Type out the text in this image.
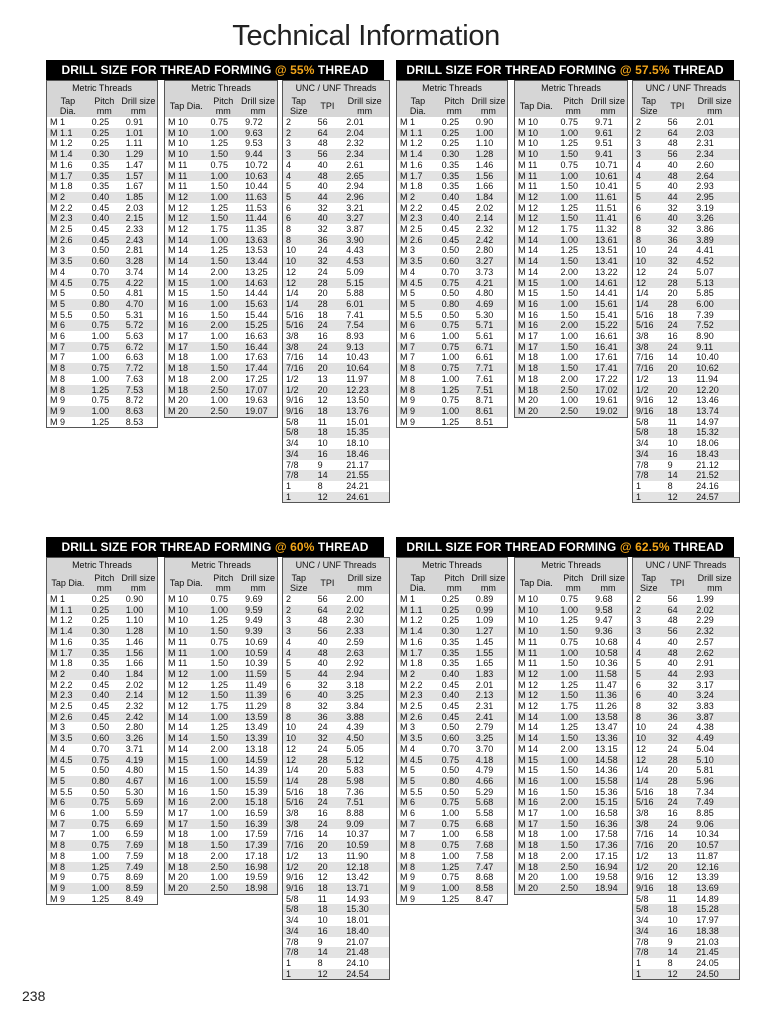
Technical Information
DRILL SIZE FOR THREAD FORMING @ 55% THREAD
Metric Threads		
Tap
Dia.	Pitch
mm	Drill size
mm
M 1	0.25	0.91
M 1.1	0.25	1.01
M 1.2	0.25	1.11
M 1.4	0.30	1.29
M 1.6	0.35	1.47
M 1.7	0.35	1.57
M 1.8	0.35	1.67
M 2	0.40	1.85
M 2.2	0.45	2.03
M 2.3	0.40	2.15
M 2.5	0.45	2.33
M 2.6	0.45	2.43
M 3	0.50	2.81
M 3.5	0.60	3.28
M 4	0.70	3.74
M 4.5	0.75	4.22
M 5	0.50	4.81
M 5	0.80	4.70
M 5.5	0.50	5.31
M 6	0.75	5.72
M 6	1.00	5.63
M 7	0.75	6.72
M 7	1.00	6.63
M 8	0.75	7.72
M 8	1.00	7.63
M 8	1.25	7.53
M 9	0.75	8.72
M 9	1.00	8.63
M 9	1.25	8.53
Metric Threads		
Tap Dia.	Pitch
mm	Drill size
mm
M 10	0.75	9.72
M 10	1.00	9.63
M 10	1.25	9.53
M 10	1.50	9.44
M 11	0.75	10.72
M 11	1.00	10.63
M 11	1.50	10.44
M 12	1.00	11.63
M 12	1.25	11.53
M 12	1.50	11.44
M 12	1.75	11.35
M 14	1.00	13.63
M 14	1.25	13.53
M 14	1.50	13.44
M 14	2.00	13.25
M 15	1.00	14.63
M 15	1.50	14.44
M 16	1.00	15.63
M 16	1.50	15.44
M 16	2.00	15.25
M 17	1.00	16.63
M 17	1.50	16.44
M 18	1.00	17.63
M 18	1.50	17.44
M 18	2.00	17.25
M 18	2.50	17.07
M 20	1.00	19.63
M 20	2.50	19.07
UNC / UNF Threads		
Tap
Size	TPI	Drill size
mm
2	56	2.01
2	64	2.04
3	48	2.32
3	56	2.34
4	40	2.61
4	48	2.65
5	40	2.94
5	44	2.96
6	32	3.21
6	40	3.27
8	32	3.87
8	36	3.90
10	24	4.43
10	32	4.53
12	24	5.09
12	28	5.15
1/4	20	5.88
1/4	28	6.01
5/16	18	7.41
5/16	24	7.54
3/8	16	8.93
3/8	24	9.13
7/16	14	10.43
7/16	20	10.64
1/2	13	11.97
1/2	20	12.23
9/16	12	13.50
9/16	18	13.76
5/8	11	15.01
5/8	18	15.35
3/4	10	18.10
3/4	16	18.46
7/8	9	21.17
7/8	14	21.55
1	8	24.21
1	12	24.61
DRILL SIZE FOR THREAD FORMING @ 57.5% THREAD
Metric Threads		
Tap
Dia.	Pitch
mm	Drill size
mm
M 1	0.25	0.90
M 1.1	0.25	1.00
M 1.2	0.25	1.10
M 1.4	0.30	1.28
M 1.6	0.35	1.46
M 1.7	0.35	1.56
M 1.8	0.35	1.66
M 2	0.40	1.84
M 2.2	0.45	2.02
M 2.3	0.40	2.14
M 2.5	0.45	2.32
M 2.6	0.45	2.42
M 3	0.50	2.80
M 3.5	0.60	3.27
M 4	0.70	3.73
M 4.5	0.75	4.21
M 5	0.50	4.80
M 5	0.80	4.69
M 5.5	0.50	5.30
M 6	0.75	5.71
M 6	1.00	5.61
M 7	0.75	6.71
M 7	1.00	6.61
M 8	0.75	7.71
M 8	1.00	7.61
M 8	1.25	7.51
M 9	0.75	8.71
M 9	1.00	8.61
M 9	1.25	8.51
Metric Threads		
Tap Dia.	Pitch
mm	Drill size
mm
M 10	0.75	9.71
M 10	1.00	9.61
M 10	1.25	9.51
M 10	1.50	9.41
M 11	0.75	10.71
M 11	1.00	10.61
M 11	1.50	10.41
M 12	1.00	11.61
M 12	1.25	11.51
M 12	1.50	11.41
M 12	1.75	11.32
M 14	1.00	13.61
M 14	1.25	13.51
M 14	1.50	13.41
M 14	2.00	13.22
M 15	1.00	14.61
M 15	1.50	14.41
M 16	1.00	15.61
M 16	1.50	15.41
M 16	2.00	15.22
M 17	1.00	16.61
M 17	1.50	16.41
M 18	1.00	17.61
M 18	1.50	17.41
M 18	2.00	17.22
M 18	2.50	17.02
M 20	1.00	19.61
M 20	2.50	19.02
UNC / UNF Threads		
Tap
Size	TPI	Drill size
mm
2	56	2.01
2	64	2.03
3	48	2.31
3	56	2.34
4	40	2.60
4	48	2.64
5	40	2.93
5	44	2.95
6	32	3.19
6	40	3.26
8	32	3.86
8	36	3.89
10	24	4.41
10	32	4.52
12	24	5.07
12	28	5.13
1/4	20	5.85
1/4	28	6.00
5/16	18	7.39
5/16	24	7.52
3/8	16	8.90
3/8	24	9.11
7/16	14	10.40
7/16	20	10.62
1/2	13	11.94
1/2	20	12.20
9/16	12	13.46
9/16	18	13.74
5/8	11	14.97
5/8	18	15.32
3/4	10	18.06
3/4	16	18.43
7/8	9	21.12
7/8	14	21.52
1	8	24.16
1	12	24.57
DRILL SIZE FOR THREAD FORMING @ 60% THREAD
Metric Threads		
Tap Dia.	Pitch
mm	Drill size
mm
M 1	0.25	0.90
M 1.1	0.25	1.00
M 1.2	0.25	1.10
M 1.4	0.30	1.28
M 1.6	0.35	1.46
M 1.7	0.35	1.56
M 1.8	0.35	1.66
M 2	0.40	1.84
M 2.2	0.45	2.02
M 2.3	0.40	2.14
M 2.5	0.45	2.32
M 2.6	0.45	2.42
M 3	0.50	2.80
M 3.5	0.60	3.26
M 4	0.70	3.71
M 4.5	0.75	4.19
M 5	0.50	4.80
M 5	0.80	4.67
M 5.5	0.50	5.30
M 6	0.75	5.69
M 6	1.00	5.59
M 7	0.75	6.69
M 7	1.00	6.59
M 8	0.75	7.69
M 8	1.00	7.59
M 8	1.25	7.49
M 9	0.75	8.69
M 9	1.00	8.59
M 9	1.25	8.49
Metric Threads		
Tap Dia.	Pitch
mm	Drill size
mm
M 10	0.75	9.69
M 10	1.00	9.59
M 10	1.25	9.49
M 10	1.50	9.39
M 11	0.75	10.69
M 11	1.00	10.59
M 11	1.50	10.39
M 12	1.00	11.59
M 12	1.25	11.49
M 12	1.50	11.39
M 12	1.75	11.29
M 14	1.00	13.59
M 14	1.25	13.49
M 14	1.50	13.39
M 14	2.00	13.18
M 15	1.00	14.59
M 15	1.50	14.39
M 16	1.00	15.59
M 16	1.50	15.39
M 16	2.00	15.18
M 17	1.00	16.59
M 17	1.50	16.39
M 18	1.00	17.59
M 18	1.50	17.39
M 18	2.00	17.18
M 18	2.50	16.98
M 20	1.00	19.59
M 20	2.50	18.98
UNC / UNF Threads		
Tap
Size	TPI	Drill size
mm
2	56	2.00
2	64	2.02
3	48	2.30
3	56	2.33
4	40	2.59
4	48	2.63
5	40	2.92
5	44	2.94
6	32	3.18
6	40	3.25
8	32	3.84
8	36	3.88
10	24	4.39
10	32	4.50
12	24	5.05
12	28	5.12
1/4	20	5.83
1/4	28	5.98
5/16	18	7.36
5/16	24	7.51
3/8	16	8.88
3/8	24	9.09
7/16	14	10.37
7/16	20	10.59
1/2	13	11.90
1/2	20	12.18
9/16	12	13.42
9/16	18	13.71
5/8	11	14.93
5/8	18	15.30
3/4	10	18.01
3/4	16	18.40
7/8	9	21.07
7/8	14	21.48
1	8	24.10
1	12	24.54
DRILL SIZE FOR THREAD FORMING @ 62.5% THREAD
Metric Threads		
Tap
Dia.	Pitch
mm	Drill size
mm
M 1	0.25	0.89
M 1.1	0.25	0.99
M 1.2	0.25	1.09
M 1.4	0.30	1.27
M 1.6	0.35	1.45
M 1.7	0.35	1.55
M 1.8	0.35	1.65
M 2	0.40	1.83
M 2.2	0.45	2.01
M 2.3	0.40	2.13
M 2.5	0.45	2.31
M 2.6	0.45	2.41
M 3	0.50	2.79
M 3.5	0.60	3.25
M 4	0.70	3.70
M 4.5	0.75	4.18
M 5	0.50	4.79
M 5	0.80	4.66
M 5.5	0.50	5.29
M 6	0.75	5.68
M 6	1.00	5.58
M 7	0.75	6.68
M 7	1.00	6.58
M 8	0.75	7.68
M 8	1.00	7.58
M 8	1.25	7.47
M 9	0.75	8.68
M 9	1.00	8.58
M 9	1.25	8.47
Metric Threads		
Tap Dia.	Pitch
mm	Drill size
mm
M 10	0.75	9.68
M 10	1.00	9.58
M 10	1.25	9.47
M 10	1.50	9.36
M 11	0.75	10.68
M 11	1.00	10.58
M 11	1.50	10.36
M 12	1.00	11.58
M 12	1.25	11.47
M 12	1.50	11.36
M 12	1.75	11.26
M 14	1.00	13.58
M 14	1.25	13.47
M 14	1.50	13.36
M 14	2.00	13.15
M 15	1.00	14.58
M 15	1.50	14.36
M 16	1.00	15.58
M 16	1.50	15.36
M 16	2.00	15.15
M 17	1.00	16.58
M 17	1.50	16.36
M 18	1.00	17.58
M 18	1.50	17.36
M 18	2.00	17.15
M 18	2.50	16.94
M 20	1.00	19.58
M 20	2.50	18.94
UNC / UNF Threads		
Tap
Size	TPI	Drill size
mm
2	56	1.99
2	64	2.02
3	48	2.29
3	56	2.32
4	40	2.57
4	48	2.62
5	40	2.91
5	44	2.93
6	32	3.17
6	40	3.24
8	32	3.83
8	36	3.87
10	24	4.38
10	32	4.49
12	24	5.04
12	28	5.10
1/4	20	5.81
1/4	28	5.96
5/16	18	7.34
5/16	24	7.49
3/8	16	8.85
3/8	24	9.06
7/16	14	10.34
7/16	20	10.57
1/2	13	11.87
1/2	20	12.16
9/16	12	13.39
9/16	18	13.69
5/8	11	14.89
5/8	18	15.28
3/4	10	17.97
3/4	16	18.38
7/8	9	21.03
7/8	14	21.45
1	8	24.05
1	12	24.50
238
